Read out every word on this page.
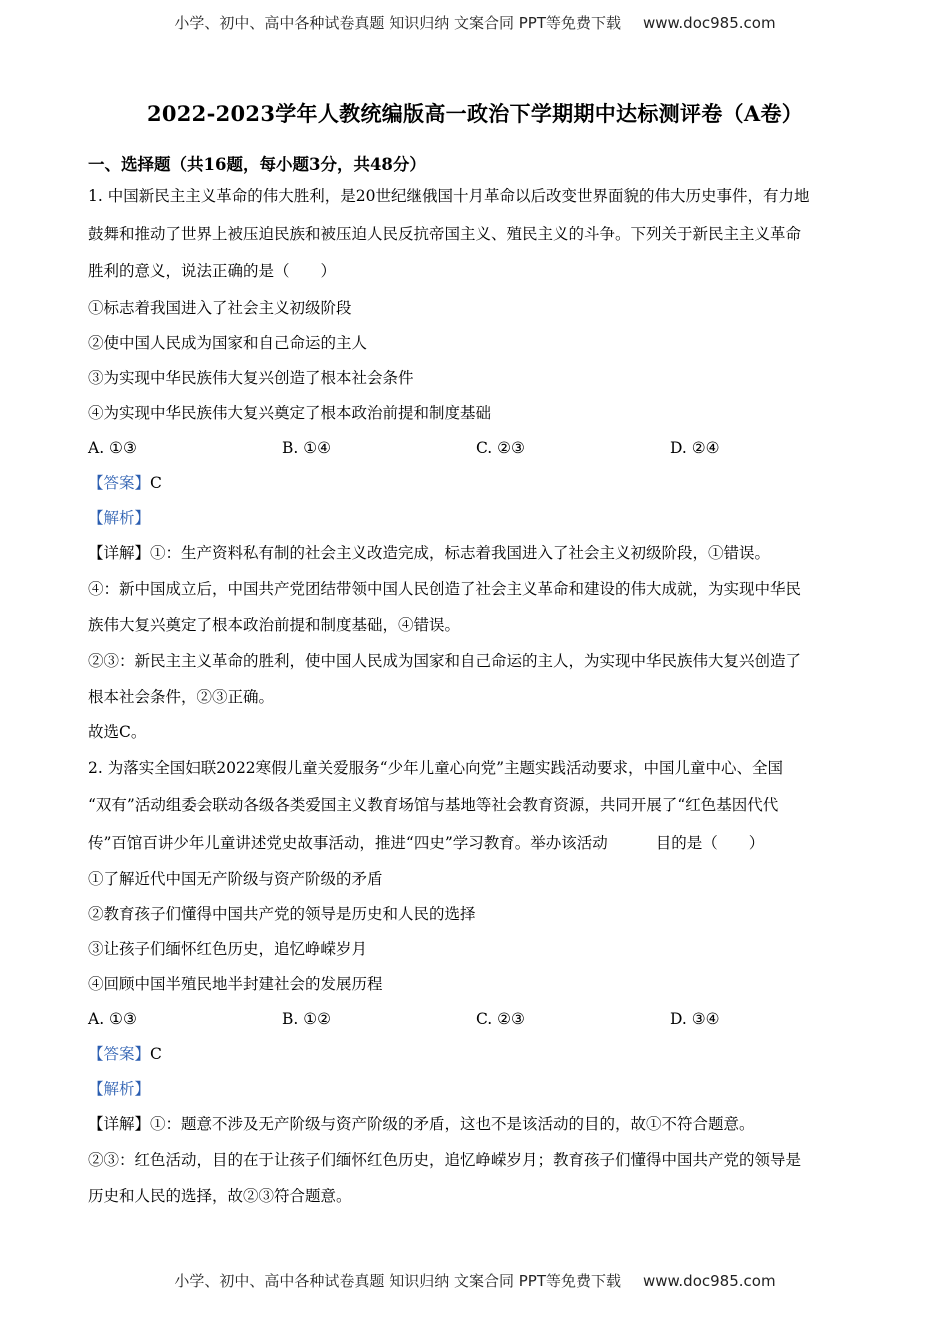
小学、初中、高中各种试卷真题 知识归纳 文案合同 PPT等免费下载 www.doc985.com
2022-2023学年人教统编版高一政治下学期期中达标测评卷（A卷）
一、选择题（共16题，每小题3分，共48分）
1. 中国新民主主义革命的伟大胜利，是20世纪继俄国十月革命以后改变世界面貌的伟大历史事件，有力地
鼓舞和推动了世界上被压迫民族和被压迫人民反抗帝国主义、殖民主义的斗争。下列关于新民主主义革命
胜利的意义，说法正确的是（　　）
①标志着我国进入了社会主义初级阶段
②使中国人民成为国家和自己命运的主人
③为实现中华民族伟大复兴创造了根本社会条件
④为实现中华民族伟大复兴奠定了根本政治前提和制度基础
A. ①③	B. ①④	C. ②③	D. ②④
【答案】C
【解析】
【详解】①：生产资料私有制的社会主义改造完成，标志着我国进入了社会主义初级阶段，①错误。
④：新中国成立后，中国共产党团结带领中国人民创造了社会主义革命和建设的伟大成就，为实现中华民
族伟大复兴奠定了根本政治前提和制度基础，④错误。
②③：新民主主义革命的胜利，使中国人民成为国家和自己命运的主人，为实现中华民族伟大复兴创造了
根本社会条件，②③正确。
故选C。
2. 为落实全国妇联2022寒假儿童关爱服务“少年儿童心向党”主题实践活动要求，中国儿童中心、全国
“双有”活动组委会联动各级各类爱国主义教育场馆与基地等社会教育资源，共同开展了“红色基因代代
传”百馆百讲少年儿童讲述党史故事活动，推进“四史”学习教育。举办该活动	目的是（　　）
①了解近代中国无产阶级与资产阶级的矛盾
②教育孩子们懂得中国共产党的领导是历史和人民的选择
③让孩子们缅怀红色历史，追忆峥嵘岁月
④回顾中国半殖民地半封建社会的发展历程
A. ①③	B. ①②	C. ②③	D. ③④
【答案】C
【解析】
【详解】①：题意不涉及无产阶级与资产阶级的矛盾，这也不是该活动的目的，故①不符合题意。
②③：红色活动，目的在于让孩子们缅怀红色历史，追忆峥嵘岁月；教育孩子们懂得中国共产党的领导是
历史和人民的选择，故②③符合题意。
小学、初中、高中各种试卷真题 知识归纳 文案合同 PPT等免费下载 www.doc985.com
